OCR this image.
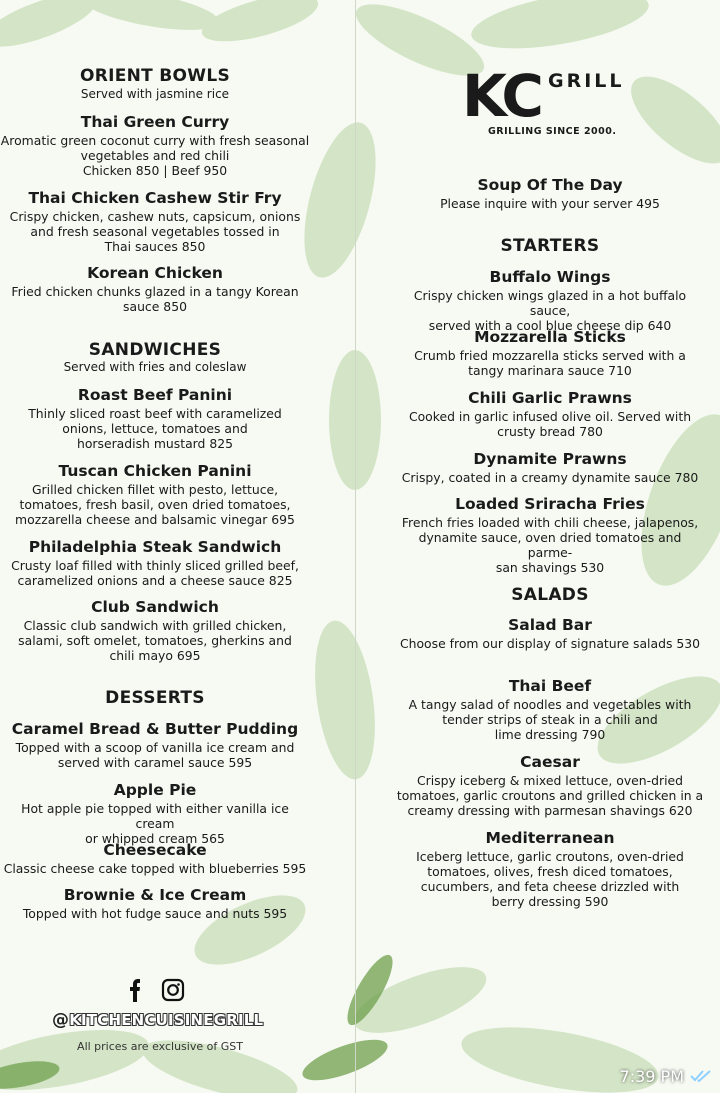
ORIENT BOWLS
Served with jasmine rice
Thai Green Curry
Aromatic green coconut curry with fresh seasonal
vegetables and red chili
Chicken 850 | Beef 950
Thai Chicken Cashew Stir Fry
Crispy chicken, cashew nuts, capsicum, onions
and fresh seasonal vegetables tossed in
Thai sauces 850
Korean Chicken
Fried chicken chunks glazed in a tangy Korean
sauce 850
SANDWICHES
Served with fries and coleslaw
Roast Beef Panini
Thinly sliced roast beef with caramelized
onions, lettuce, tomatoes and
horseradish mustard 825
Tuscan Chicken Panini
Grilled chicken fillet with pesto, lettuce,
tomatoes, fresh basil, oven dried tomatoes,
mozzarella cheese and balsamic vinegar 695
Philadelphia Steak Sandwich
Crusty loaf filled with thinly sliced grilled beef,
caramelized onions and a cheese sauce 825
Club Sandwich
Classic club sandwich with grilled chicken,
salami, soft omelet, tomatoes, gherkins and
chili mayo 695
DESSERTS
Caramel Bread & Butter Pudding
Topped with a scoop of vanilla ice cream and
served with caramel sauce 595
Apple Pie
Hot apple pie topped with either vanilla ice cream
or whipped cream 565
Cheesecake
Classic cheese cake topped with blueberries 595
Brownie & Ice Cream
Topped with hot fudge sauce and nuts 595
KC GRILL
GRILLING SINCE 2000.
Soup Of The Day
Please inquire with your server 495
STARTERS
Buffalo Wings
Crispy chicken wings glazed in a hot buffalo sauce,
served with a cool blue cheese dip 640
Mozzarella Sticks
Crumb fried mozzarella sticks served with a
tangy marinara sauce 710
Chili Garlic Prawns
Cooked in garlic infused olive oil. Served with
crusty bread 780
Dynamite Prawns
Crispy, coated in a creamy dynamite sauce 780
Loaded Sriracha Fries
French fries loaded with chili cheese, jalapenos,
dynamite sauce, oven dried tomatoes and parme-
san shavings 530
SALADS
Salad Bar
Choose from our display of signature salads 530
Thai Beef
A tangy salad of noodles and vegetables with
tender strips of steak in a chili and
lime dressing 790
Caesar
Crispy iceberg & mixed lettuce, oven-dried
tomatoes, garlic croutons and grilled chicken in a
creamy dressing with parmesan shavings 620
Mediterranean
Iceberg lettuce, garlic croutons, oven-dried
tomatoes, olives, fresh diced tomatoes,
cucumbers, and feta cheese drizzled with
berry dressing 590
@KITCHENCUISINEGRILL
All prices are exclusive of GST
7:39 PM
